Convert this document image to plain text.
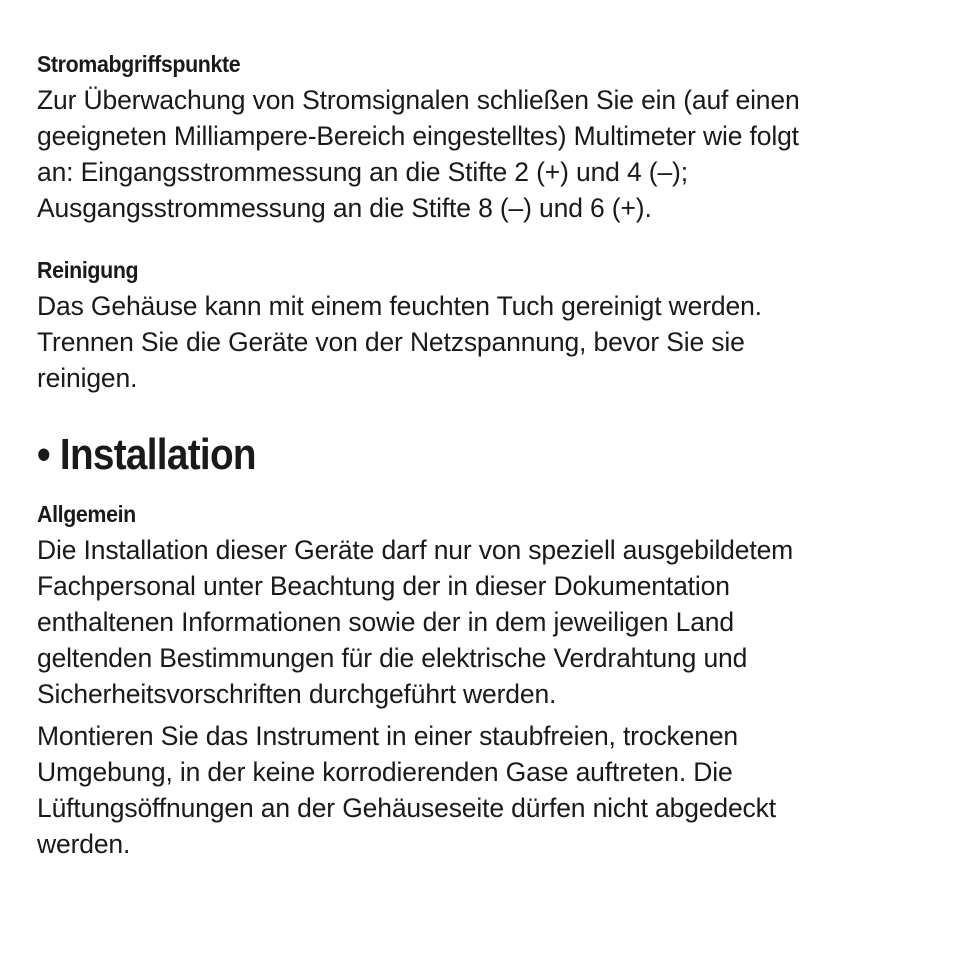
Stromabgriffspunkte

Zur Überwachung von Stromsignalen schließen Sie ein (auf einen
geeigneten Milliampere-Bereich eingestelltes) Multimeter wie folgt
an: Eingangsstrommessung an die Stifte 2 (+) und 4 (–);
Ausgangsstrommessung an die Stifte 8 (–) und 6 (+).

Reinigung

Das Gehäuse kann mit einem feuchten Tuch gereinigt werden.
Trennen Sie die Geräte von der Netzspannung, bevor Sie sie
reinigen.

• Installation
Allgemein

Die Installation dieser Geräte darf nur von speziell ausgebildetem
Fachpersonal unter Beachtung der in dieser Dokumentation
enthaltenen Informationen sowie der in dem jeweiligen Land
geltenden Bestimmungen für die elektrische Verdrahtung und
Sicherheitsvorschriften durchgeführt werden.

Montieren Sie das Instrument in einer staubfreien, trockenen
Umgebung, in der keine korrodierenden Gase auftreten. Die
Lüftungsöffnungen an der Gehäuseseite dürfen nicht abgedeckt
werden.
